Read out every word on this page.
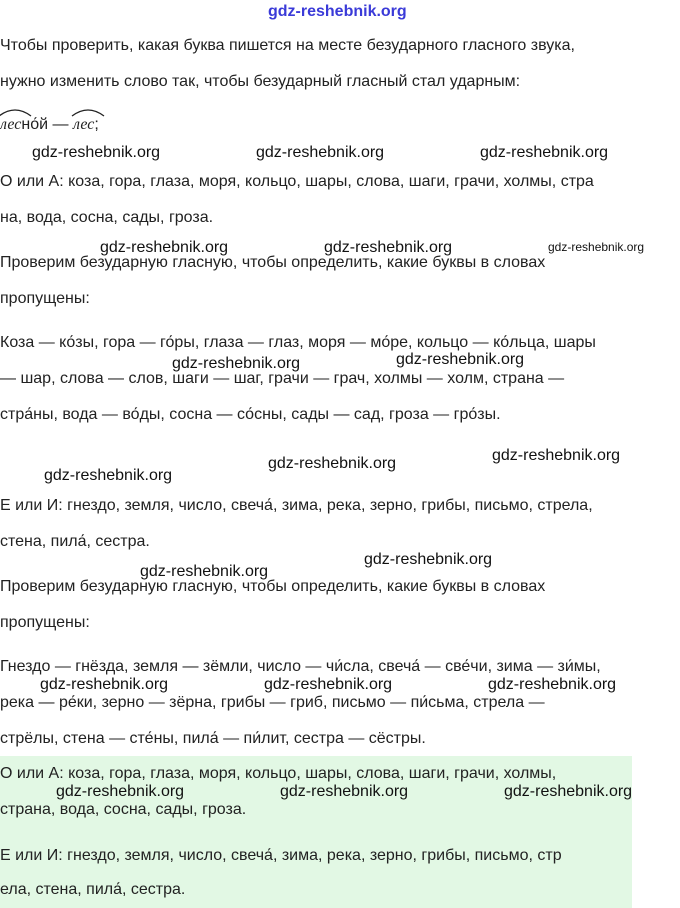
gdz-reshebnik.org
Чтобы проверить, какая буква пишется на месте безударного гласного звука,
нужно изменить слово так, чтобы безударный гласный стал ударным:
лесно́й — лес;
gdz-reshebnik.org	gdz-reshebnik.org	gdz-reshebnik.org
О или А: коза, гора, глаза, моря, кольцо, шары, слова, шаги, грачи, холмы, стра
на, вода, сосна, сады, гроза.
gdz-reshebnik.org	gdz-reshebnik.org	gdz-reshebnik.org
Проверим безударную гласную, чтобы определить, какие буквы в словах
пропущены:
Коза — ко́зы, гора — го́ры, глаза — глаз, моря — мо́ре, кольцо — ко́льца, шары
gdz-reshebnik.org	gdz-reshebnik.org
— шар, слова — слов, шаги — шаг, грачи — грач, холмы — холм, страна —
стра́ны, вода — во́ды, сосна — со́сны, сады — сад, гроза — гро́зы.
gdz-reshebnik.org
gdz-reshebnik.org	gdz-reshebnik.org
Е или И: гнездо, земля, число, свеча́, зима, река, зерно, грибы, письмо, стрела,
стена, пила́, сестра.
gdz-reshebnik.org
gdz-reshebnik.org
Проверим безударную гласную, чтобы определить, какие буквы в словах
пропущены:
Гнездо — гнёзда, земля — зёмли, число — чи́сла, свеча́ — све́чи, зима — зи́мы,
gdz-reshebnik.org	gdz-reshebnik.org	gdz-reshebnik.org
река — ре́ки, зерно — зёрна, грибы — гриб, письмо — пи́сьма, стрела —
стрёлы, стена — сте́ны, пила́ — пи́лит, сестра — сёстры.
О или А: коза, гора, глаза, моря, кольцо, шары, слова, шаги, грачи, холмы,
gdz-reshebnik.org	gdz-reshebnik.org	gdz-reshebnik.org
страна, вода, сосна, сады, гроза.
Е или И: гнездо, земля, число, свеча́, зима, река, зерно, грибы, письмо, стр
ела, стена, пила́, сестра.
